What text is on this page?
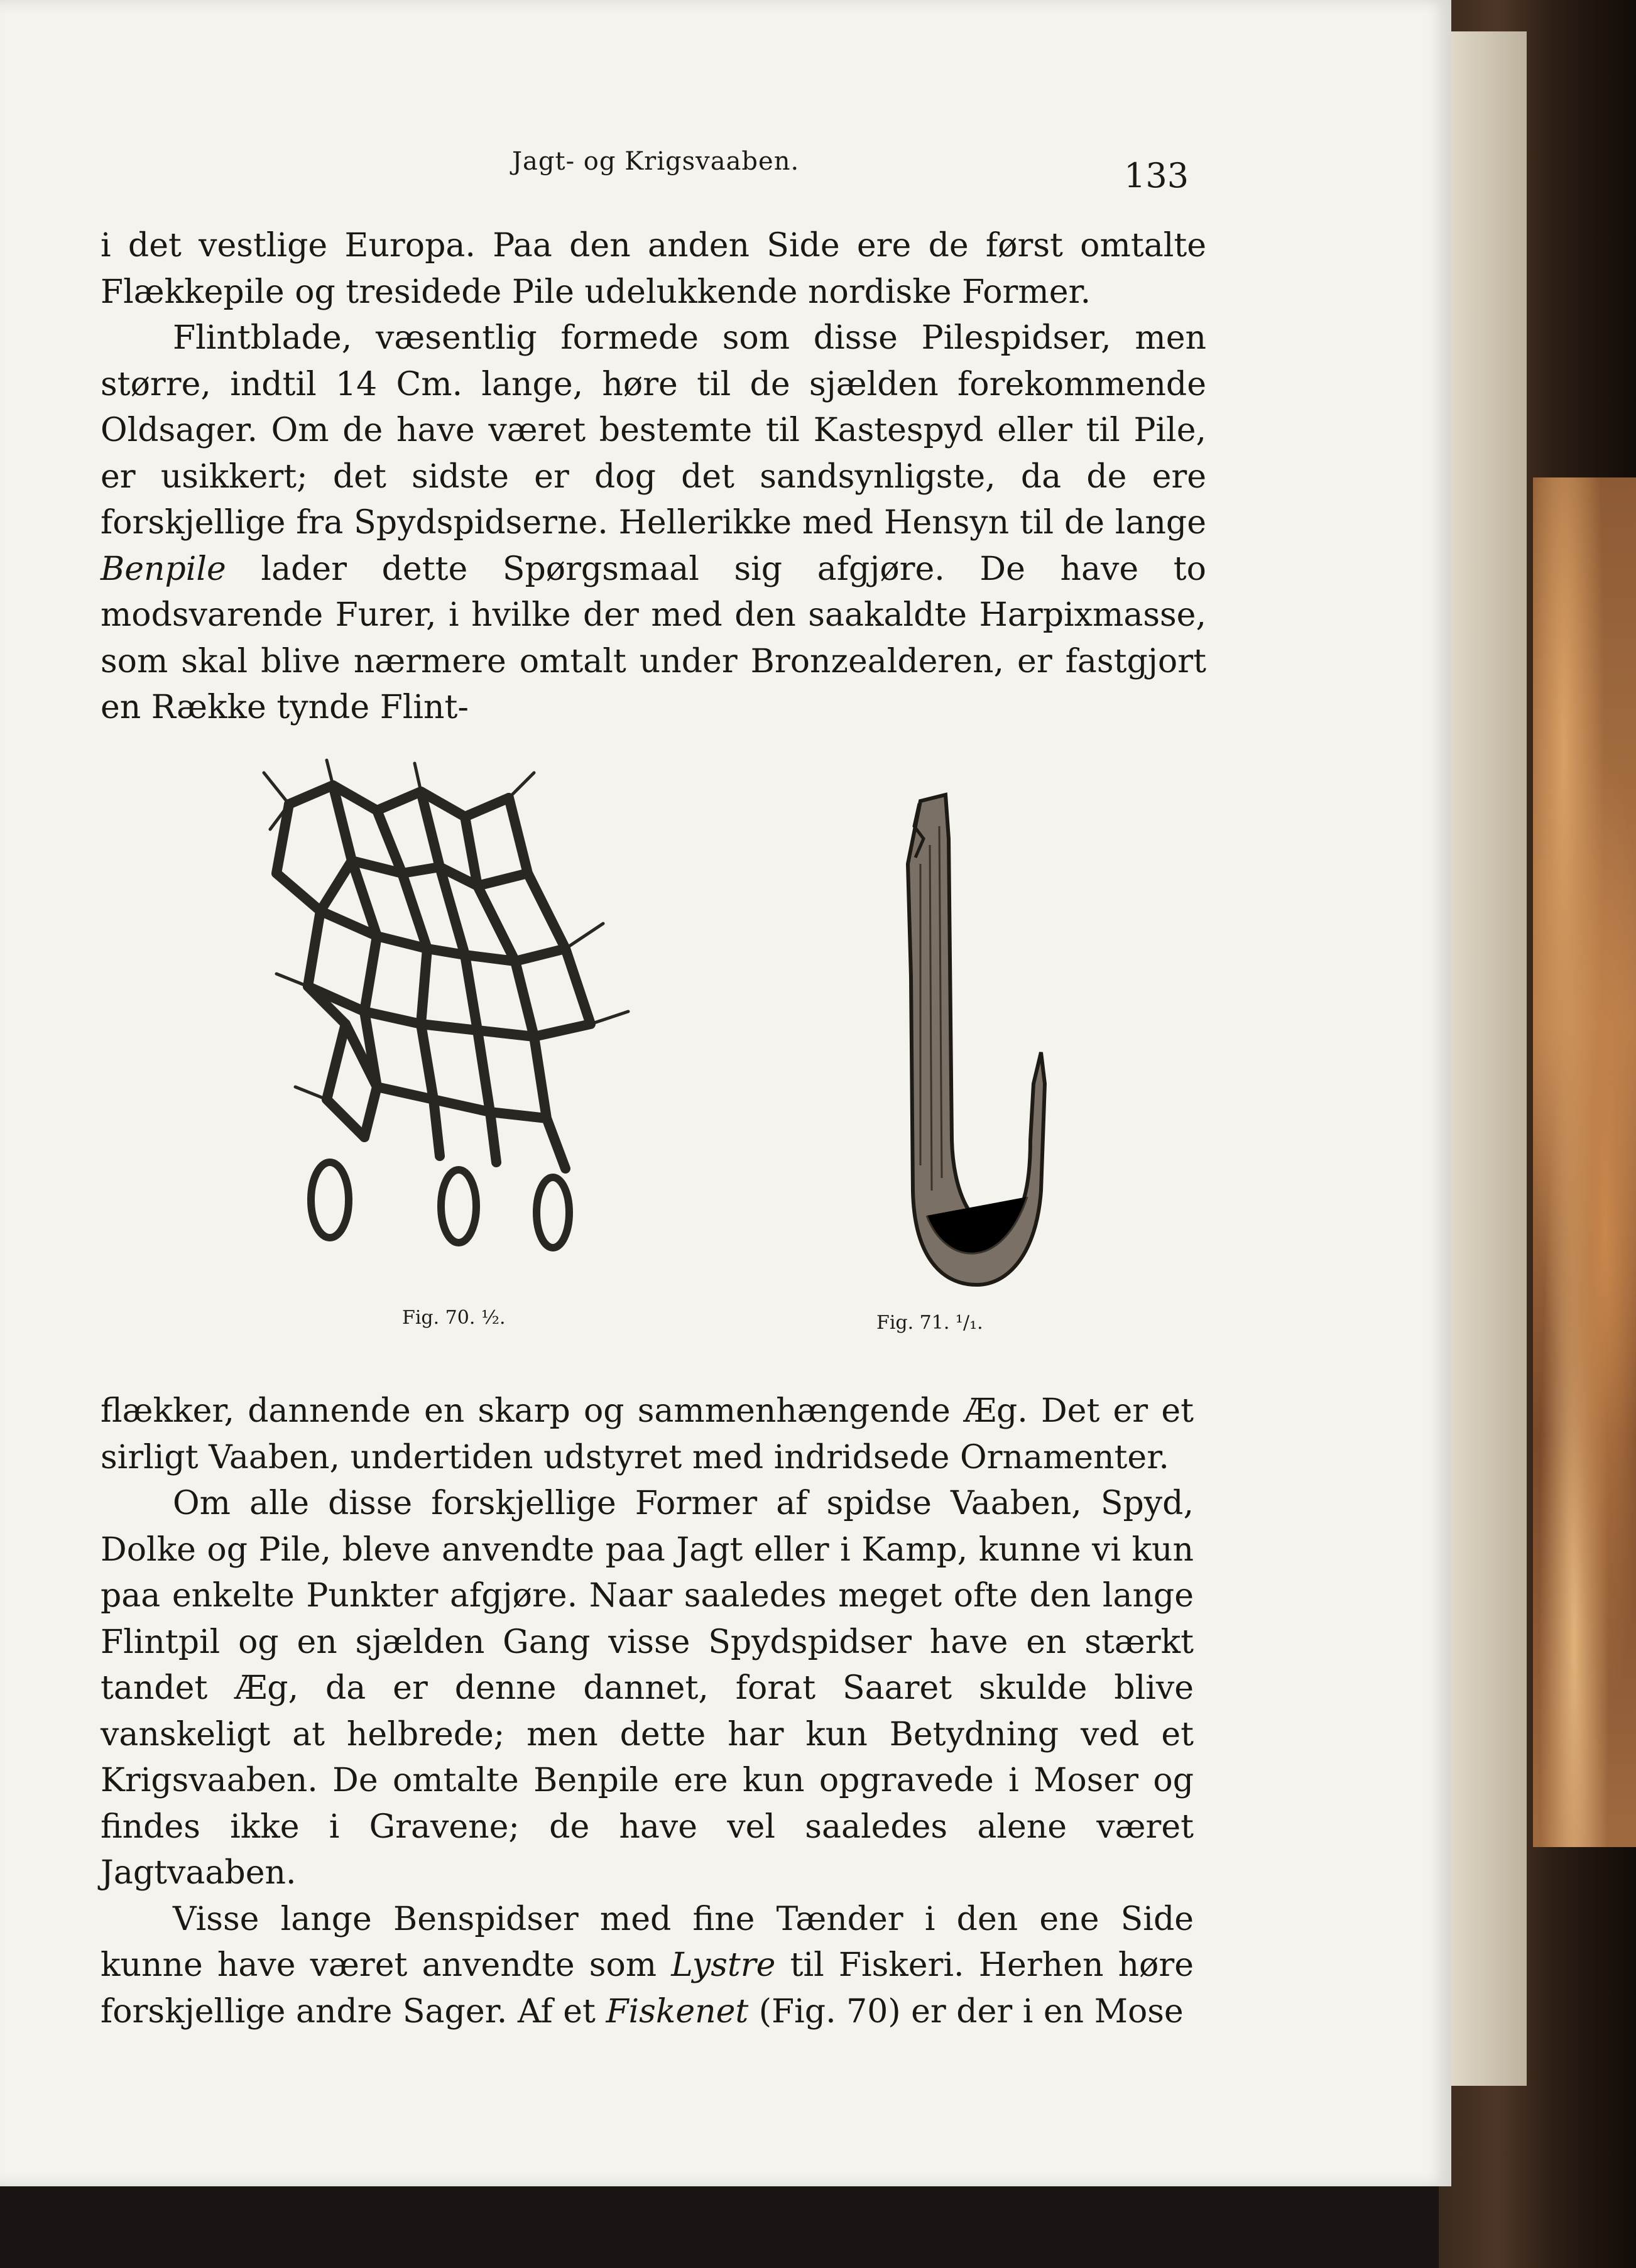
Jagt- og Krigsvaaben.	133

i det vestlige Europa. Paa den anden Side ere de først omtalte Flækkepile og tresidede Pile udelukkende nordiske Former.

Flintblade, væsentlig formede som disse Pilespidser, men større, indtil 14 Cm. lange, høre til de sjælden forekommende Oldsager. Om de have været bestemte til Kastespyd eller til Pile, er usikkert; det sidste er dog det sandsynligste, da de ere forskjellige fra Spydspidserne. Hellerikke med Hensyn til de lange Benpile lader dette Spørgsmaal sig afgjøre. De have to modsvarende Furer, i hvilke der med den saakaldte Harpixmasse, som skal blive nærmere omtalt under Bronzealderen, er fastgjort en Række tynde Flint-

Fig. 70. ½.	Fig. 71. ¹/₁.

flækker, dannende en skarp og sammenhængende Æg. Det er et sirligt Vaaben, undertiden udstyret med indridsede Ornamenter.

Om alle disse forskjellige Former af spidse Vaaben, Spyd, Dolke og Pile, bleve anvendte paa Jagt eller i Kamp, kunne vi kun paa enkelte Punkter afgjøre. Naar saaledes meget ofte den lange Flintpil og en sjælden Gang visse Spydspidser have en stærkt tandet Æg, da er denne dannet, forat Saaret skulde blive vanskeligt at helbrede; men dette har kun Betydning ved et Krigsvaaben. De omtalte Benpile ere kun opgravede i Moser og findes ikke i Gravene; de have vel saaledes alene været Jagtvaaben.

Visse lange Benspidser med fine Tænder i den ene Side kunne have været anvendte som Lystre til Fiskeri. Herhen høre forskjellige andre Sager. Af et Fiskenet (Fig. 70) er der i en Mose
